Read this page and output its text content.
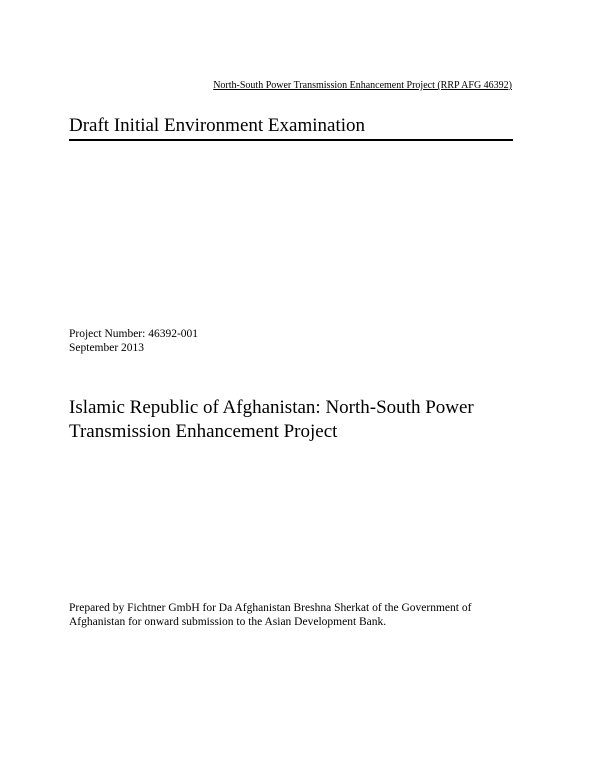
North-South Power Transmission Enhancement Project (RRP AFG 46392)
Draft Initial Environment Examination
Project Number: 46392-001
September 2013
Islamic Republic of Afghanistan: North-South Power
Transmission Enhancement Project
Prepared by Fichtner GmbH for Da Afghanistan Breshna Sherkat of the Government of
Afghanistan for onward submission to the Asian Development Bank.
